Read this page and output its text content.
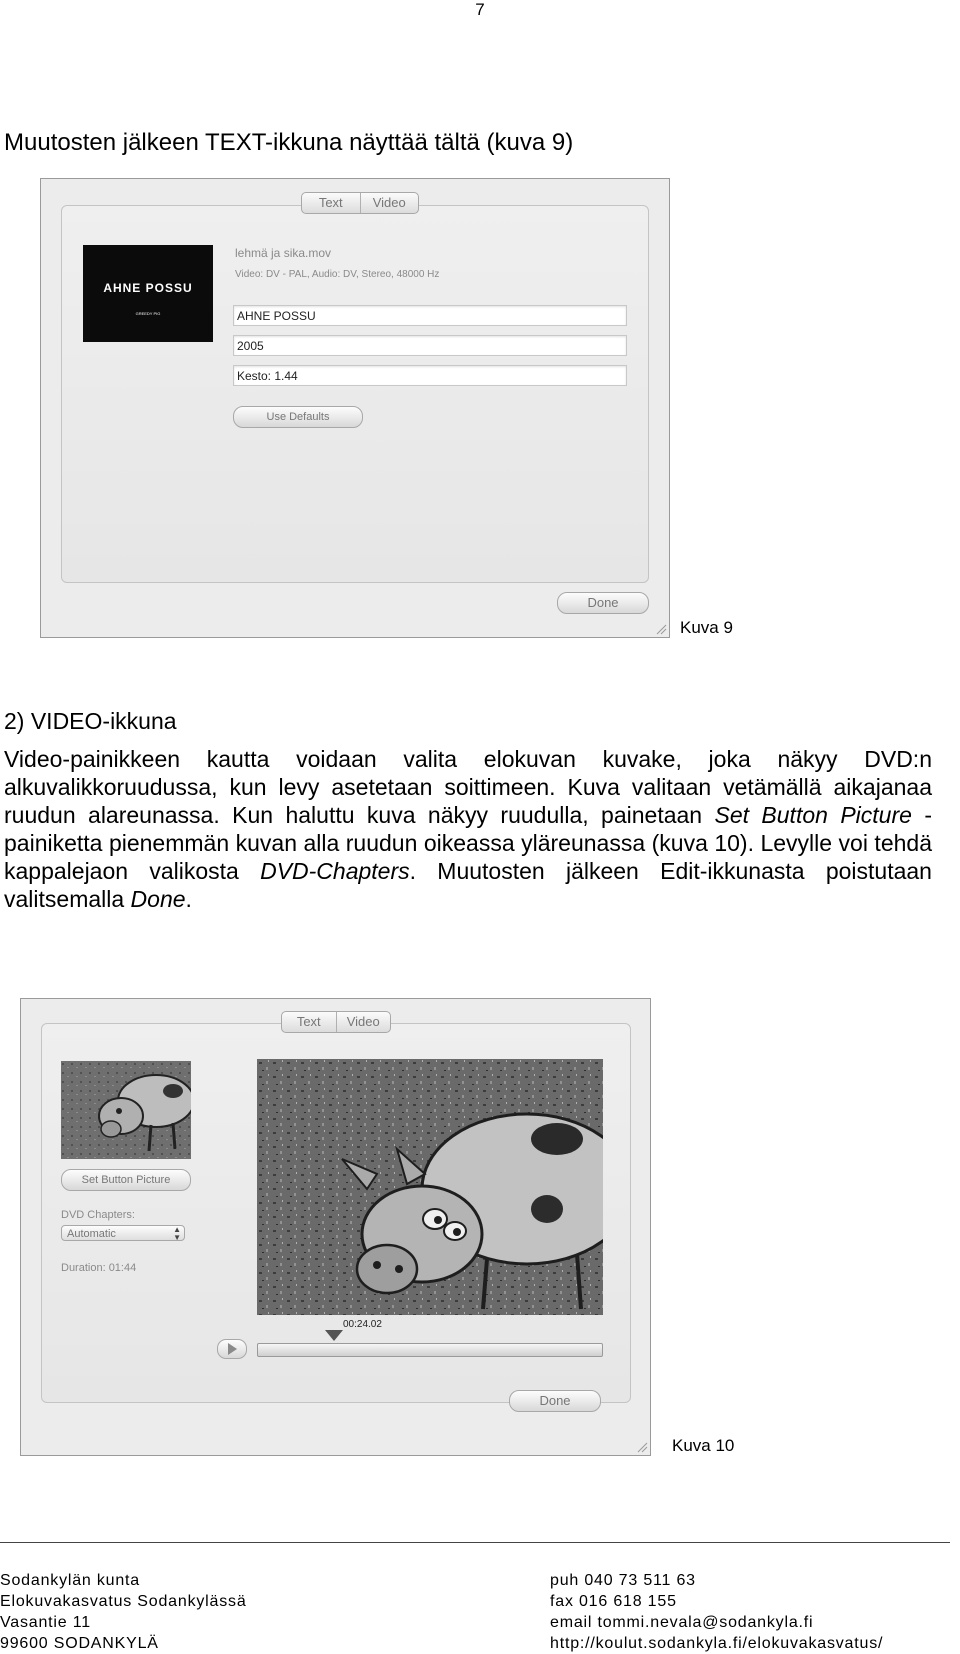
7
Muutosten jälkeen TEXT-ikkuna näyttää tältä (kuva 9)
Text	Video
AHNE POSSU
GREEDY PIG
lehmä ja sika.mov
Video: DV - PAL, Audio: DV, Stereo, 48000 Hz
AHNE POSSU
2005
Kesto: 1.44
Use Defaults
Done
Kuva 9
2) VIDEO-ikkuna

Video-painikkeen kautta voidaan valita elokuvan kuvake, joka näkyy DVD:n alkuvalikkoruudussa, kun levy asetetaan soittimeen. Kuva valitaan vetämällä aikajanaa ruudun alareunassa. Kun haluttu kuva näkyy ruudulla, painetaan Set Button Picture -painiketta pienemmän kuvan alla ruudun oikeassa yläreunassa (kuva 10). Levylle voi tehdä kappalejaon valikosta DVD-Chapters. Muutosten jälkeen Edit-ikkunasta poistutaan valitsemalla Done.

Text	Video
Set Button Picture
DVD Chapters:
Automatic	▲
▼
Duration: 01:44
00:24.02
Done
Kuva 10
Sodankylän kunta
Elokuvakasvatus Sodankylässä
Vasantie 11
99600 SODANKYLÄ
puh 040 73 511 63
fax 016 618 155
email tommi.nevala@sodankyla.fi
http://koulut.sodankyla.fi/elokuvakasvatus/
